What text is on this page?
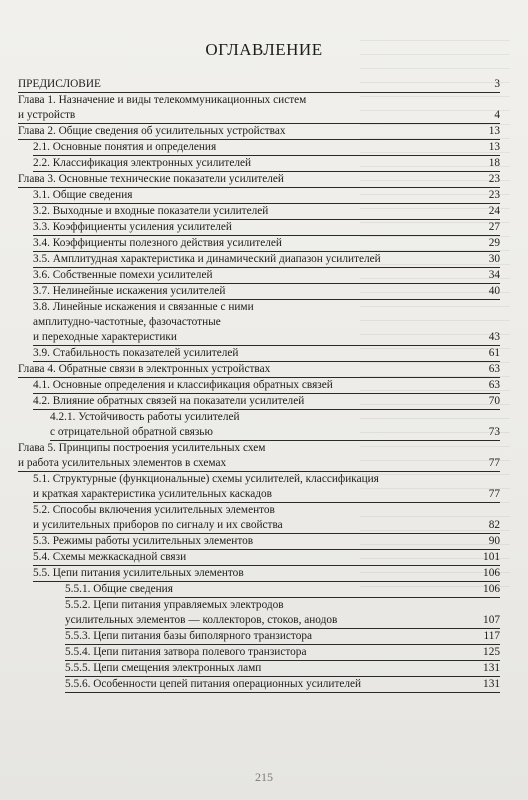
ОГЛАВЛЕНИЕ
ПРЕДИСЛОВИЕ	3
Глава 1. Назначение и виды телекоммуникационных систем
и устройств	4
Глава 2. Общие сведения об усилительных устройствах	13
2.1. Основные понятия и определения	13
2.2. Классификация электронных усилителей	18
Глава 3. Основные технические показатели усилителей	23
3.1. Общие сведения	23
3.2. Выходные и входные показатели усилителей	24
3.3. Коэффициенты усиления усилителей	27
3.4. Коэффициенты полезного действия усилителей	29
3.5. Амплитудная характеристика и динамический диапазон усилителей	30
3.6. Собственные помехи усилителей	34
3.7. Нелинейные искажения усилителей	40
3.8. Линейные искажения и связанные с ними
амплитудно-частотные, фазочастотные
и переходные характеристики	43
3.9. Стабильность показателей усилителей	61
Глава 4. Обратные связи в электронных устройствах	63
4.1. Основные определения и классификация обратных связей	63
4.2. Влияние обратных связей на показатели усилителей	70
4.2.1. Устойчивость работы усилителей
с отрицательной обратной связью	73
Глава 5. Принципы построения усилительных схем
и работа усилительных элементов в схемах	77
5.1. Структурные (функциональные) схемы усилителей, классификация
и краткая характеристика усилительных каскадов	77
5.2. Способы включения усилительных элементов
и усилительных приборов по сигналу и их свойства	82
5.3. Режимы работы усилительных элементов	90
5.4. Схемы межкаскадной связи	101
5.5. Цепи питания усилительных элементов	106
5.5.1. Общие сведения	106
5.5.2. Цепи питания управляемых электродов
усилительных элементов — коллекторов, стоков, анодов	107
5.5.3. Цепи питания базы биполярного транзистора	117
5.5.4. Цепи питания затвора полевого транзистора	125
5.5.5. Цепи смещения электронных ламп	131
5.5.6. Особенности цепей питания операционных усилителей	131
215
